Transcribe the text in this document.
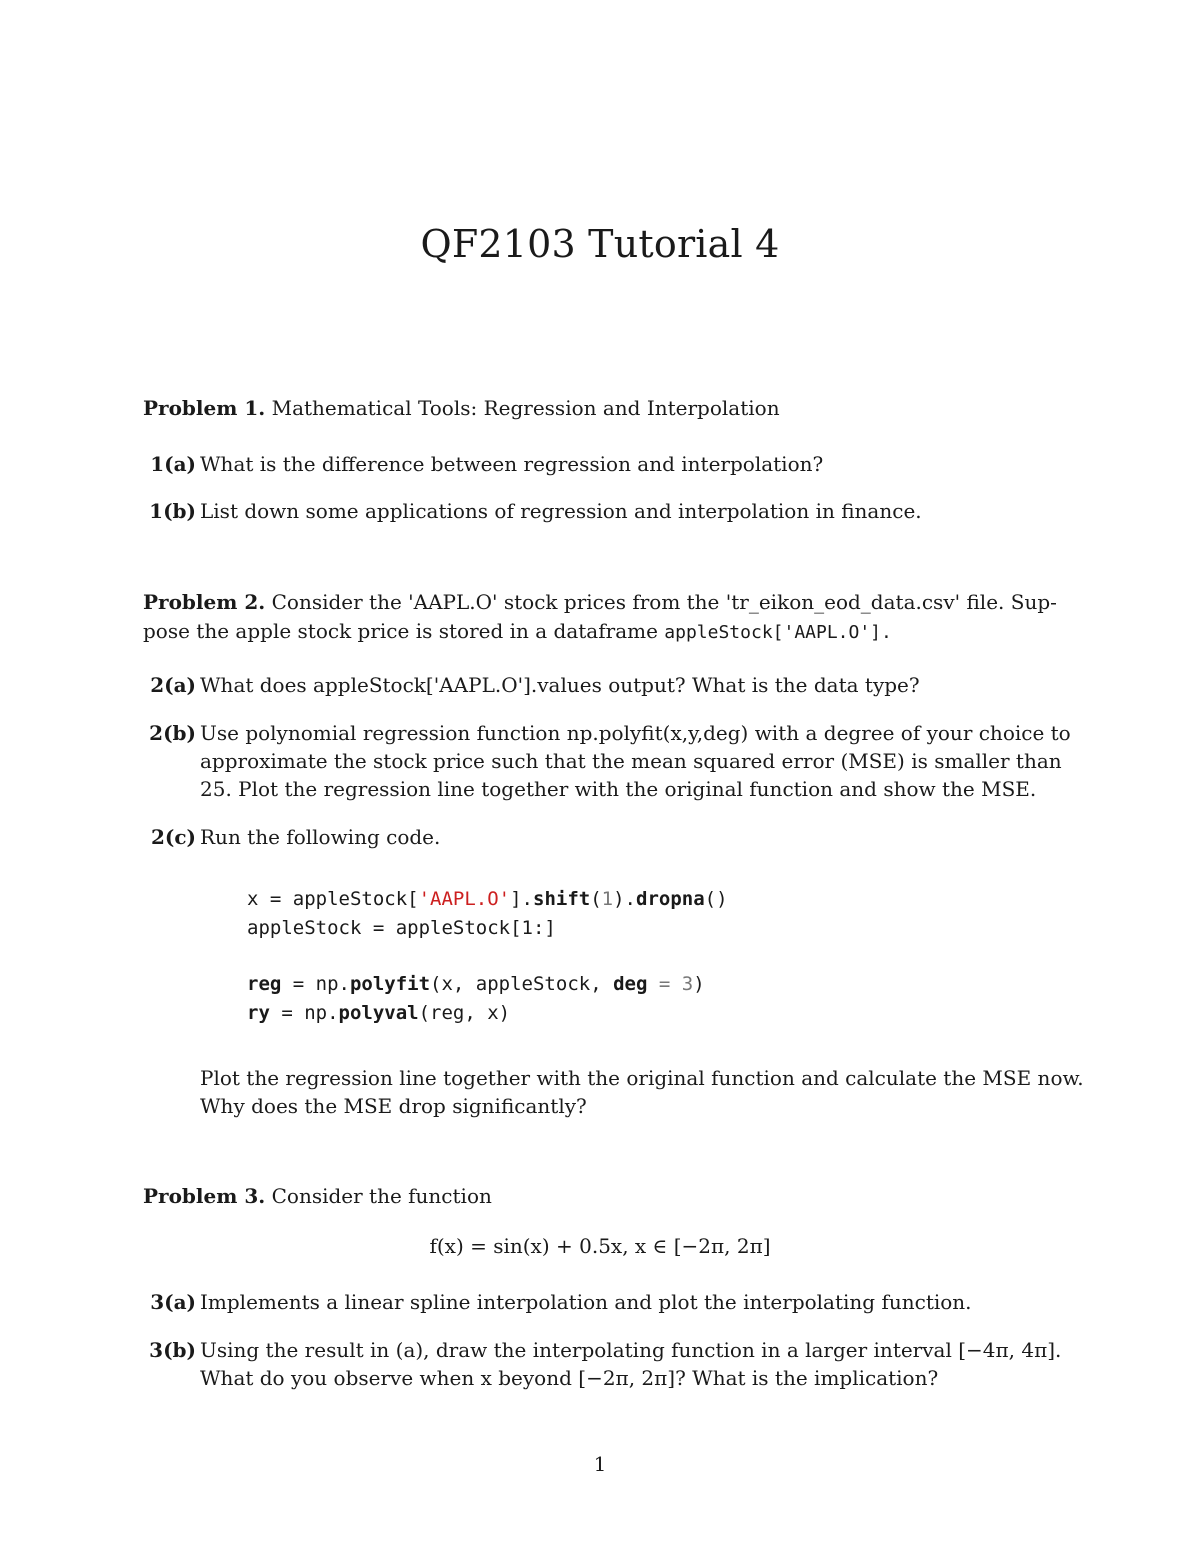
QF2103 Tutorial 4
Problem 1. Mathematical Tools: Regression and Interpolation
1(a) What is the difference between regression and interpolation?
1(b) List down some applications of regression and interpolation in finance.
Problem 2. Consider the 'AAPL.O' stock prices from the 'tr_eikon_eod_data.csv' file. Sup-
pose the apple stock price is stored in a dataframe appleStock['AAPL.O'].
2(a) What does appleStock['AAPL.O'].values output? What is the data type?
2(b) Use polynomial regression function np.polyfit(x,y,deg) with a degree of your choice to
approximate the stock price such that the mean squared error (MSE) is smaller than
25. Plot the regression line together with the original function and show the MSE.
2(c) Run the following code.
x = appleStock['AAPL.O'].shift(1).dropna()
appleStock = appleStock[1:]
reg = np.polyfit(x, appleStock, deg = 3)
ry = np.polyval(reg, x)
Plot the regression line together with the original function and calculate the MSE now.
Why does the MSE drop significantly?
Problem 3. Consider the function
f(x) = sin(x) + 0.5x, x ∈ [−2π, 2π]
3(a) Implements a linear spline interpolation and plot the interpolating function.
3(b) Using the result in (a), draw the interpolating function in a larger interval [−4π, 4π].
What do you observe when x beyond [−2π, 2π]? What is the implication?
1
